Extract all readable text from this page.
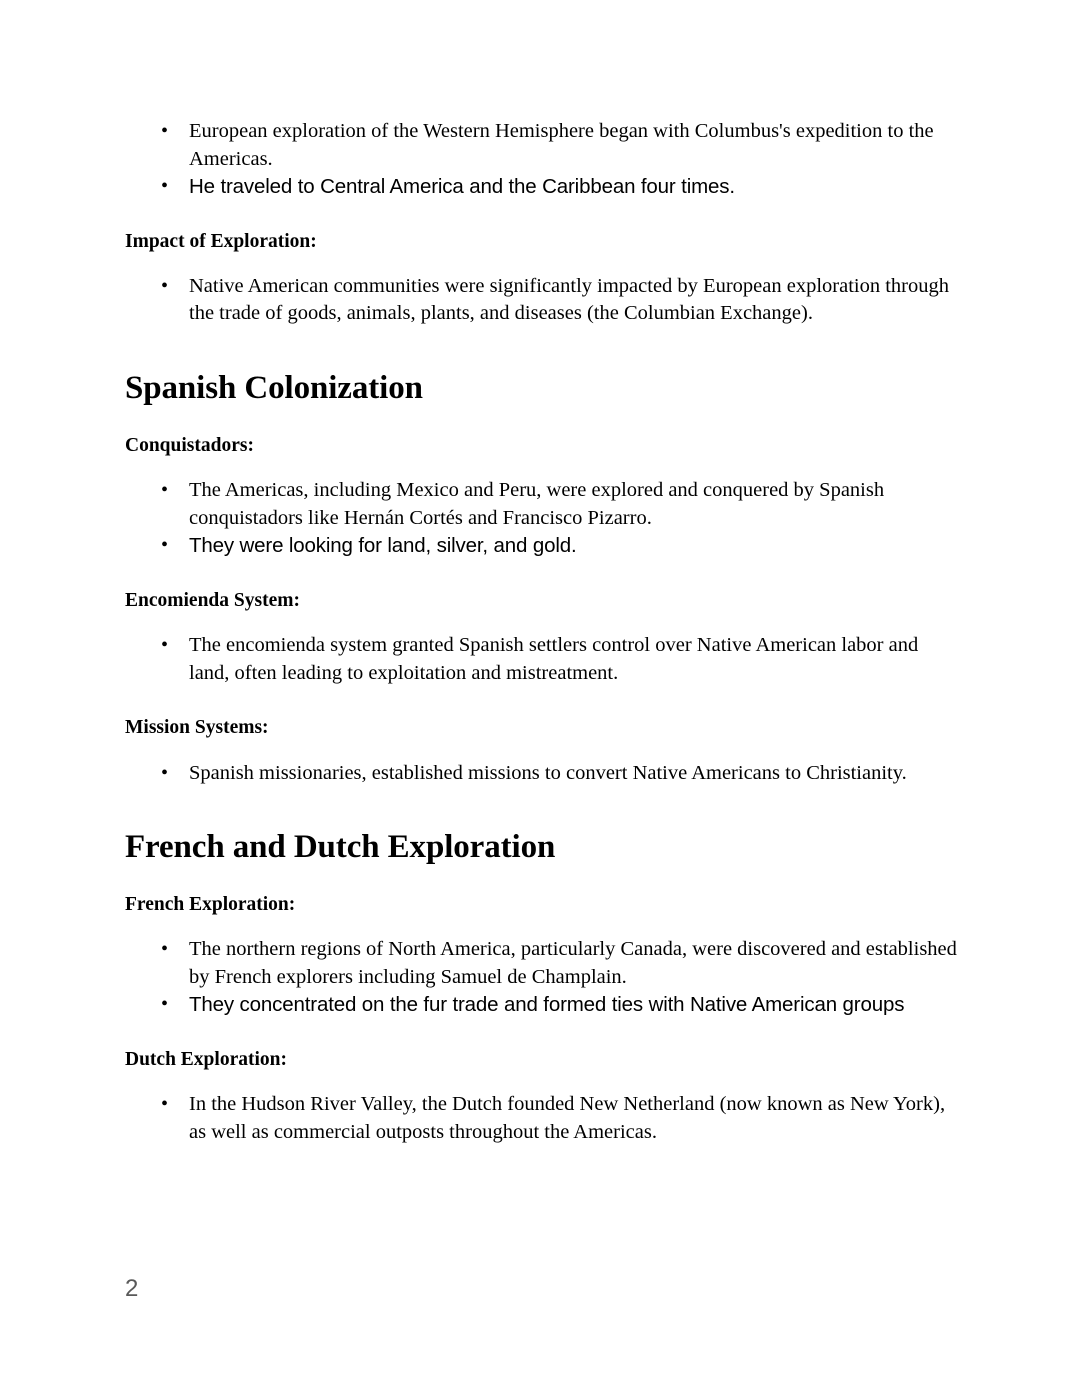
• European exploration of the Western Hemisphere began with Columbus's expedition to the Americas.
• He traveled to Central America and the Caribbean four times.
Impact of Exploration:
• Native American communities were significantly impacted by European exploration through the trade of goods, animals, plants, and diseases (the Columbian Exchange).
Spanish Colonization
Conquistadors:
• The Americas, including Mexico and Peru, were explored and conquered by Spanish conquistadors like Hernán Cortés and Francisco Pizarro.
• They were looking for land, silver, and gold.
Encomienda System:
• The encomienda system granted Spanish settlers control over Native American labor and land, often leading to exploitation and mistreatment.
Mission Systems:
• Spanish missionaries, established missions to convert Native Americans to Christianity.
French and Dutch Exploration
French Exploration:
• The northern regions of North America, particularly Canada, were discovered and established by French explorers including Samuel de Champlain.
• They concentrated on the fur trade and formed ties with Native American groups
Dutch Exploration:
• In the Hudson River Valley, the Dutch founded New Netherland (now known as New York), as well as commercial outposts throughout the Americas.
2
